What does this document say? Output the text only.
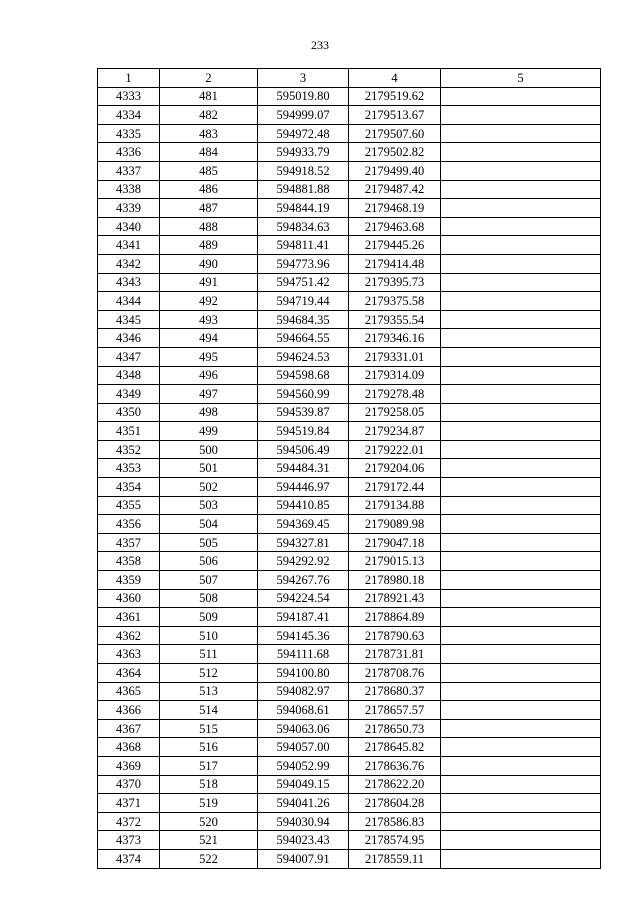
233
1	2	3	4	5
4333	481	595019.80	2179519.62	
4334	482	594999.07	2179513.67	
4335	483	594972.48	2179507.60	
4336	484	594933.79	2179502.82	
4337	485	594918.52	2179499.40	
4338	486	594881.88	2179487.42	
4339	487	594844.19	2179468.19	
4340	488	594834.63	2179463.68	
4341	489	594811.41	2179445.26	
4342	490	594773.96	2179414.48	
4343	491	594751.42	2179395.73	
4344	492	594719.44	2179375.58	
4345	493	594684.35	2179355.54	
4346	494	594664.55	2179346.16	
4347	495	594624.53	2179331.01	
4348	496	594598.68	2179314.09	
4349	497	594560.99	2179278.48	
4350	498	594539.87	2179258.05	
4351	499	594519.84	2179234.87	
4352	500	594506.49	2179222.01	
4353	501	594484.31	2179204.06	
4354	502	594446.97	2179172.44	
4355	503	594410.85	2179134.88	
4356	504	594369.45	2179089.98	
4357	505	594327.81	2179047.18	
4358	506	594292.92	2179015.13	
4359	507	594267.76	2178980.18	
4360	508	594224.54	2178921.43	
4361	509	594187.41	2178864.89	
4362	510	594145.36	2178790.63	
4363	511	594111.68	2178731.81	
4364	512	594100.80	2178708.76	
4365	513	594082.97	2178680.37	
4366	514	594068.61	2178657.57	
4367	515	594063.06	2178650.73	
4368	516	594057.00	2178645.82	
4369	517	594052.99	2178636.76	
4370	518	594049.15	2178622.20	
4371	519	594041.26	2178604.28	
4372	520	594030.94	2178586.83	
4373	521	594023.43	2178574.95	
4374	522	594007.91	2178559.11	
